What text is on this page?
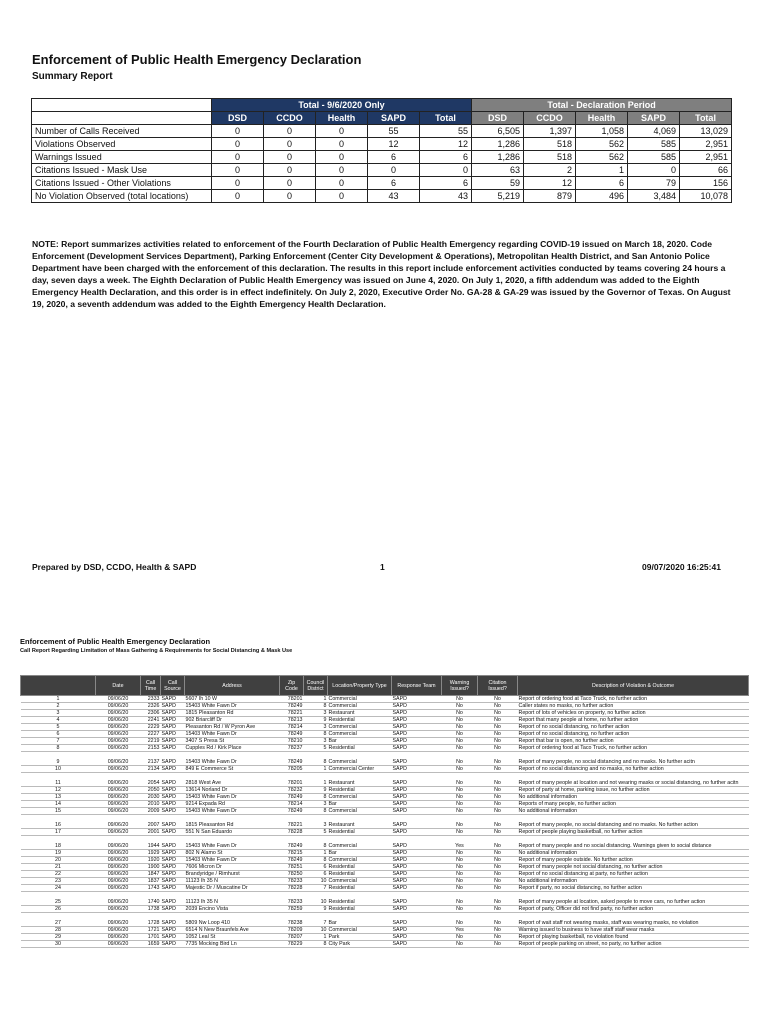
Enforcement of Public Health Emergency Declaration
Summary Report
	Total - 9/6/2020 Only					Total - Declaration Period				
	DSD	CCDO	Health	SAPD	Total	DSD	CCDO	Health	SAPD	Total
Number of Calls Received	0	0	0	55	55	6,505	1,397	1,058	4,069	13,029
Violations Observed	0	0	0	12	12	1,286	518	562	585	2,951
Warnings Issued	0	0	0	6	6	1,286	518	562	585	2,951
Citations Issued - Mask Use	0	0	0	0	0	63	2	1	0	66
Citations Issued - Other Violations	0	0	0	6	6	59	12	6	79	156
No Violation Observed (total locations)	0	0	0	43	43	5,219	879	496	3,484	10,078
NOTE: Report summarizes activities related to enforcement of the Fourth Declaration of Public Health Emergency regarding COVID-19 issued on March 18, 2020. Code Enforcement (Development Services Department), Parking Enforcement (Center City Development & Operations), Metropolitan Health District, and San Antonio Police Department have been charged with the enforcement of this declaration. The results in this report include enforcement activities conducted by teams covering 24 hours a day, seven days a week. The Eighth Declaration of Public Health Emergency was issued on June 4, 2020. On July 1, 2020, a fifth addendum was added to the Eighth Emergency Health Declaration, and this order is in effect indefinitely. On July 2, 2020, Executive Order No. GA-28 & GA-29 was issued by the Governor of Texas. On August 19, 2020, a seventh addendum was added to the Eighth Emergency Health Declaration.
Prepared by DSD, CCDO, Health & SAPD	1	09/07/2020 16:25:41
Enforcement of Public Health Emergency Declaration
Call Report Regarding Limitation of Mass Gathering & Requirements for Social Distancing & Mask Use
	Date	Call Time	Call Source	Address	Zip Code	Council District	Location/Property Type	Response Team	Warning Issued?	Citation Issued?	Description of Violation & Outcome
1	09/06/20	2333	SAPD	5607 Ih 10 W	78201	1	Commercial	SAPD	No	No	Report of ordering food at Taco Truck, no further action
2	09/06/20	2326	SAPD	15403 White Fawn Dr	78249	8	Commercial	SAPD	No	No	Caller states no masks, no further action
3	09/06/20	2306	SAPD	1815 Pleasanton Rd	78221	3	Restaurant	SAPD	No	No	Report of lots of vehicles on property, no further action
4	09/06/20	2241	SAPD	902 Briarcliff Dr	78213	9	Residential	SAPD	No	No	Report that many people at home, no further action
5	09/06/20	2229	SAPD	Pleasanton Rd / W Pyron Ave	78214	3	Commercial	SAPD	No	No	Report of no social distancing, no further action
6	09/06/20	2227	SAPD	15403 White Fawn Dr	78249	8	Commercial	SAPD	No	No	Report of no social distancing, no further action
7	09/06/20	2219	SAPD	3407 S Presa St	78210	3	Bar	SAPD	No	No	Report that bar is open, no further action
8	09/06/20	2153	SAPD	Cupples Rd / Kirk Place	78237	5	Residential	SAPD	No	No	Report of ordering food at Taco Truck, no further action
9	09/06/20	2137	SAPD	15403 White Fawn Dr	78249	8	Commercial	SAPD	No	No	Report of many people, no social distancing and no masks. No further acitn
10	09/06/20	2134	SAPD	849 E Commerce St	78205	1	Commercial Center	SAPD	No	No	Report of no social distancing and no masks, no further action
11	09/06/20	2054	SAPD	2818 West Ave	78201	1	Restaurant	SAPD	No	No	Report of many people at location and not wearing masks or social distancing, no further acitn
12	09/06/20	2050	SAPD	13614 Norland Dr	78232	9	Residential	SAPD	No	No	Report of party at home, parking issue, no further action
13	09/06/20	2030	SAPD	15403 White Fawn Dr	78249	8	Commercial	SAPD	No	No	No additional information
14	09/06/20	2010	SAPD	9214 Expada Rd	78214	3	Bar	SAPD	No	No	Reports of many people, no further action
15	09/06/20	2009	SAPD	15403 White Fawn Dr	78249	8	Commercial	SAPD	No	No	No additional information
16	09/06/20	2007	SAPD	1815 Pleasanton Rd	78221	3	Restaurant	SAPD	No	No	Report of many people, no social distancing and no masks. No further action
17	09/06/20	2001	SAPD	551 N San Eduardo	78228	5	Residential	SAPD	No	No	Report of people playing basketball, no further action
18	09/06/20	1944	SAPD	15403 White Fawn Dr	78249	8	Commercial	SAPD	Yes	No	Report of many people and no social distancing. Warnings given to social distance
19	09/06/20	1929	SAPD	802 N Alamo St	78215	1	Bar	SAPD	No	No	No additional information
20	09/06/20	1920	SAPD	15403 White Fawn Dr	78249	8	Commercial	SAPD	No	No	Report of many people outside. No further action
21	09/06/20	1900	SAPD	7606 Micron Dr	78251	6	Residential	SAPD	No	No	Report of many people not social distancing, no further action
22	09/06/20	1847	SAPD	Brandyridge / Rimhurst	78250	6	Residential	SAPD	No	No	Report of no social distancing at party, no further action
23	09/06/20	1837	SAPD	11123 Ih 35 N	78233	10	Commercial	SAPD	No	No	No additional information
24	09/06/20	1743	SAPD	Majestic Dr / Muscatine Dr	78228	7	Residential	SAPD	No	No	Report if party, no social distancing, no further action
25	09/06/20	1740	SAPD	11123 Ih 35 N	78233	10	Residential	SAPD	No	No	Report of many people at location, asked people to move cars, no further action
26	09/06/20	1738	SAPD	2039 Encino Vista	78259	9	Residential	SAPD	No	No	Report of party, Officer did not find party, no further action
27	09/06/20	1728	SAPD	5809 Nw Loop 410	78238	7	Bar	SAPD	No	No	Report of wait staff not wearing masks, staff was wearing masks, no violation
28	09/06/20	1721	SAPD	6514 N New Braunfels Ave	78209	10	Commercial	SAPD	Yes	No	Warning issued to business to have staff staff wear masks
29	09/06/20	1701	SAPD	1052 Leal St	78207	1	Park	SAPD	No	No	Report of playing basketball, no violation found
30	09/06/20	1659	SAPD	7735 Mocking Bird Ln	78229	8	City Park	SAPD	No	No	Report of people parking on street, no party, no further action
